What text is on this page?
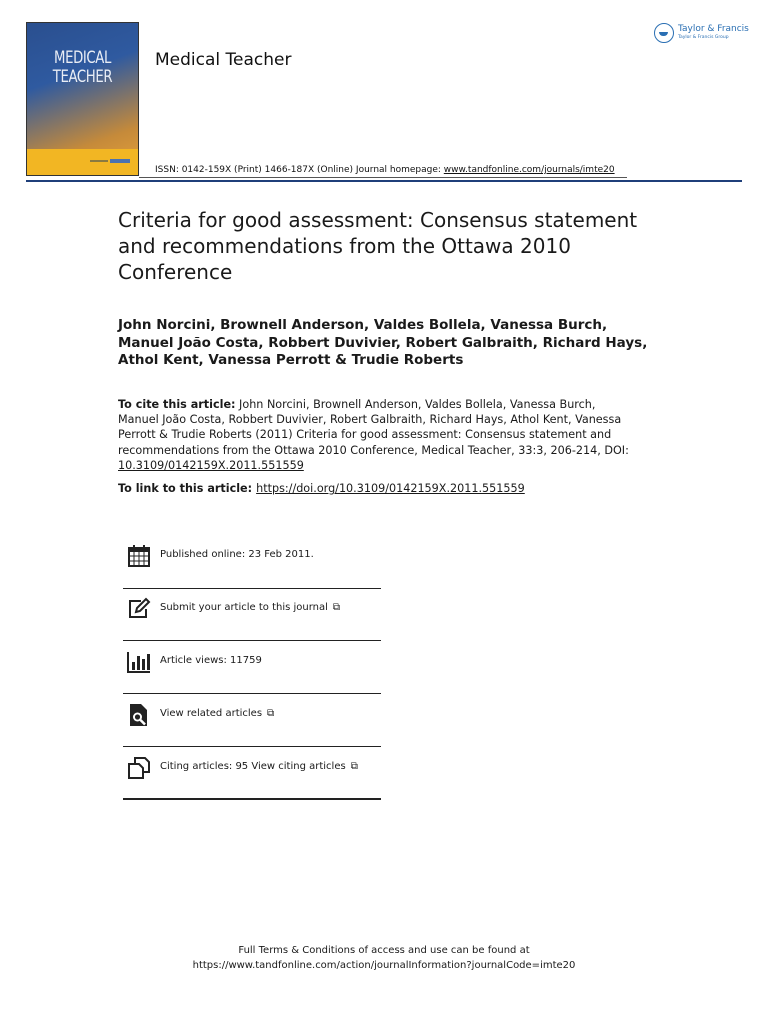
MEDICAL
TEACHER
Medical Teacher
ISSN: 0142-159X (Print) 1466-187X (Online) Journal homepage: www.tandfonline.com/journals/imte20
Taylor & Francis
Taylor & Francis Group
Criteria for good assessment: Consensus statement and recommendations from the Ottawa 2010 Conference
John Norcini, Brownell Anderson, Valdes Bollela, Vanessa Burch, Manuel João Costa, Robbert Duvivier, Robert Galbraith, Richard Hays, Athol Kent, Vanessa Perrott & Trudie Roberts
To cite this article: John Norcini, Brownell Anderson, Valdes Bollela, Vanessa Burch, Manuel João Costa, Robbert Duvivier, Robert Galbraith, Richard Hays, Athol Kent, Vanessa Perrott & Trudie Roberts (2011) Criteria for good assessment: Consensus statement and recommendations from the Ottawa 2010 Conference, Medical Teacher, 33:3, 206-214, DOI: 10.3109/0142159X.2011.551559
To link to this article: https://doi.org/10.3109/0142159X.2011.551559
Published online: 23 Feb 2011.
Submit your article to this journal ⧉
Article views: 11759
View related articles ⧉
Citing articles: 95 View citing articles ⧉
Full Terms & Conditions of access and use can be found at
https://www.tandfonline.com/action/journalInformation?journalCode=imte20
